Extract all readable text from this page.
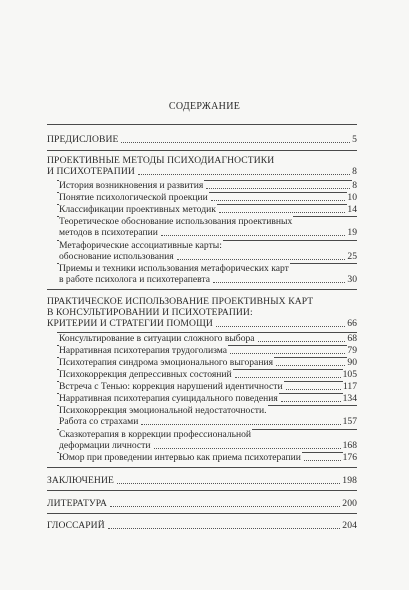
СОДЕРЖАНИЕ
ПРЕДИСЛОВИЕ	5
ПРОЕКТИВНЫЕ МЕТОДЫ ПСИХОДИАГНОСТИКИ
И ПСИХОТЕРАПИИ	8
История возникновения и развития	8
Понятие психологической проекции	10
Классификации проективных методик	14
Теоретическое обоснование использования проективных
методов в психотерапии	19
Метафорические ассоциативные карты:
обоснование использования	25
Приемы и техники использования метафорических карт
в работе психолога и психотерапевта	30
ПРАКТИЧЕСКОЕ ИСПОЛЬЗОВАНИЕ ПРОЕКТИВНЫХ КАРТ
В КОНСУЛЬТИРОВАНИИ И ПСИХОТЕРАПИИ:
КРИТЕРИИ И СТРАТЕГИИ ПОМОЩИ	66
Консультирование в ситуации сложного выбора	68
Нарративная психотерапия трудоголизма	79
Психотерапия синдрома эмоционального выгорания	90
Психокоррекция депрессивных состояний	105
Встреча с Тенью: коррекция нарушений идентичности	117
Нарративная психотерапия суицидального поведения	134
Психокоррекция эмоциональной недостаточности.
Работа со страхами	157
Сказкотерапия в коррекции профессиональной
деформации личности	168
Юмор при проведении интервью как приема психотерапии	176
ЗАКЛЮЧЕНИЕ	198
ЛИТЕРАТУРА	200
ГЛОССАРИЙ	204
